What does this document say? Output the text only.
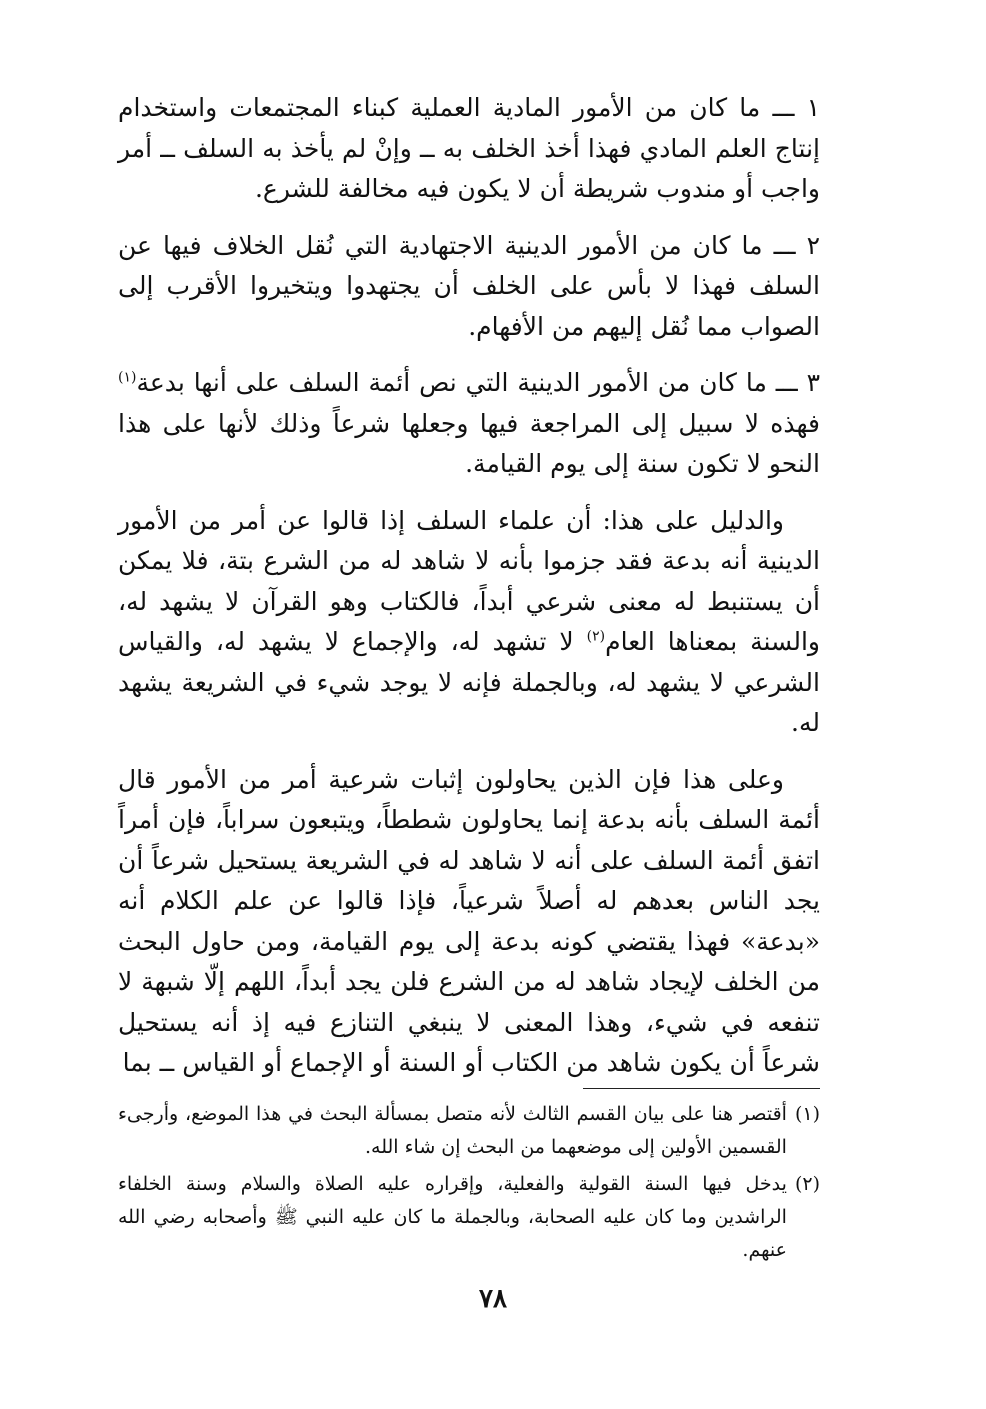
١ ـــ ما كان من الأمور المادية العملية كبناء المجتمعات واستخدام إنتاج العلم المادي فهذا أخذ الخلف به ــ وإنْ لم يأخذ به السلف ــ أمر واجب أو مندوب شريطة أن لا يكون فيه مخالفة للشرع.

٢ ـــ ما كان من الأمور الدينية الاجتهادية التي نُقل الخلاف فيها عن السلف فهذا لا بأس على الخلف أن يجتهدوا ويتخيروا الأقرب إلى الصواب مما نُقل إليهم من الأفهام.

٣ ـــ ما كان من الأمور الدينية التي نص أئمة السلف على أنها بدعة$^{(١)}$ فهذه لا سبيل إلى المراجعة فيها وجعلها شرعاً وذلك لأنها على هذا النحو لا تكون سنة إلى يوم القيامة.

والدليل على هذا: أن علماء السلف إذا قالوا عن أمر من الأمور الدينية أنه بدعة فقد جزموا بأنه لا شاهد له من الشرع بتة، فلا يمكن أن يستنبط له معنى شرعي أبداً، فالكتاب وهو القرآن لا يشهد له، والسنة بمعناها العام$^{(٢)}$ لا تشهد له، والإجماع لا يشهد له، والقياس الشرعي لا يشهد له، وبالجملة فإنه لا يوجد شيء في الشريعة يشهد له.

وعلى هذا فإن الذين يحاولون إثبات شرعية أمر من الأمور قال أئمة السلف بأنه بدعة إنما يحاولون شططاً، ويتبعون سراباً، فإن أمراً اتفق أئمة السلف على أنه لا شاهد له في الشريعة يستحيل شرعاً أن يجد الناس بعدهم له أصلاً شرعياً، فإذا قالوا عن علم الكلام أنه «بدعة» فهذا يقتضي كونه بدعة إلى يوم القيامة، ومن حاول البحث من الخلف لإيجاد شاهد له من الشرع فلن يجد أبداً، اللهم إلّا شبهة لا تنفعه في شيء، وهذا المعنى لا ينبغي التنازع فيه إذ أنه يستحيل شرعاً أن يكون شاهد من الكتاب أو السنة أو الإجماع أو القياس ــ بما

(١)
أقتصر هنا على بيان القسم الثالث لأنه متصل بمسألة البحث في هذا الموضع، وأرجىء القسمين الأولين إلى موضعهما من البحث إن شاء الله.

(٢)
يدخل فيها السنة القولية والفعلية، وإقراره عليه الصلاة والسلام وسنة الخلفاء الراشدين وما كان عليه الصحابة، وبالجملة ما كان عليه النبي ﷺ وأصحابه رضي الله عنهم.

٧٨
